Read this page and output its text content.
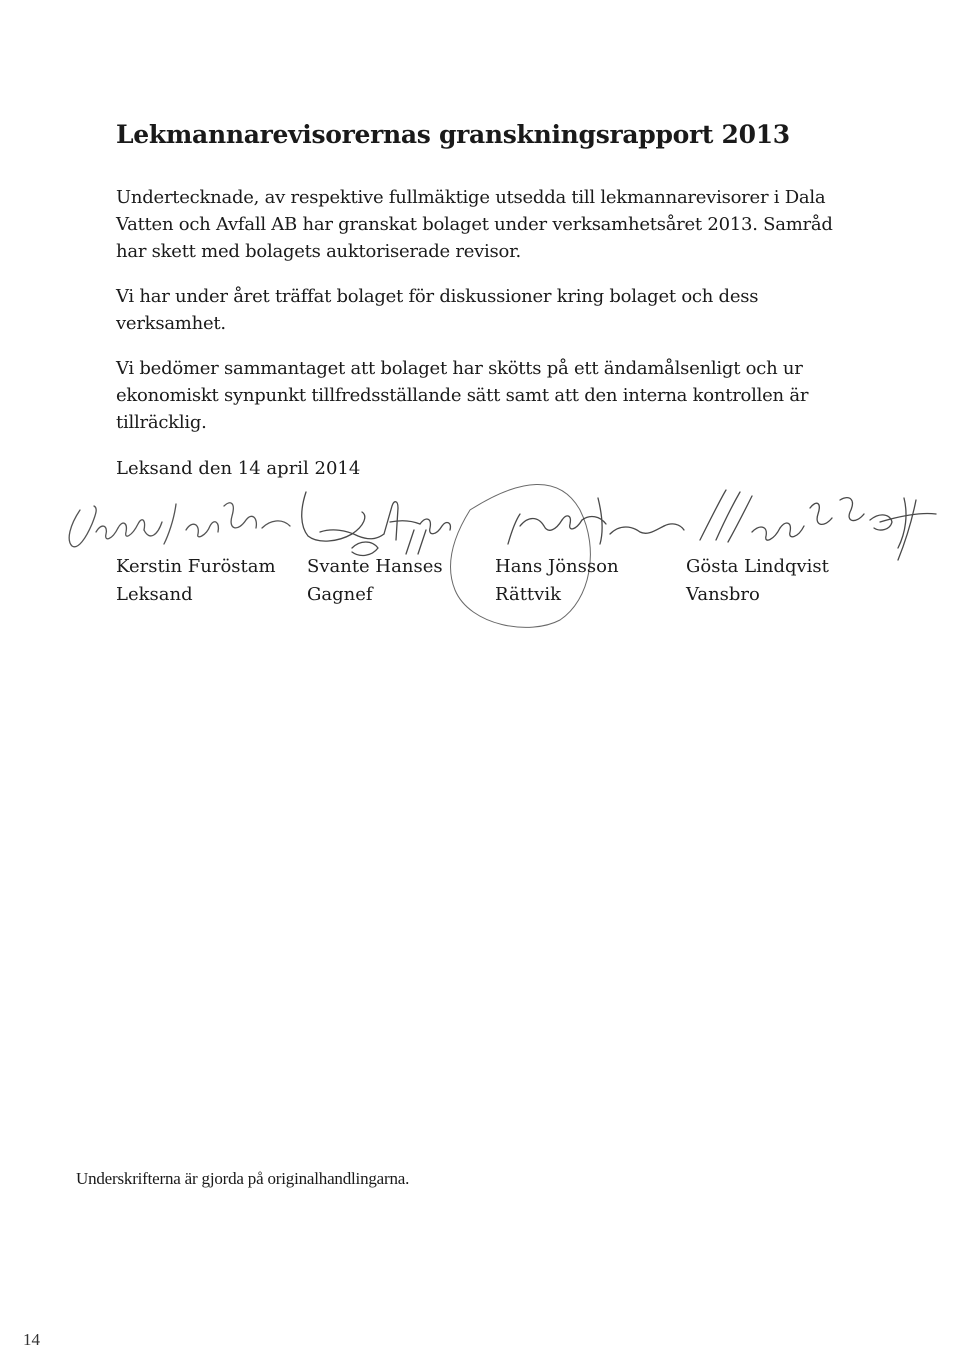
Lekmannarevisorernas granskningsrapport 2013

Undertecknade, av respektive fullmäktige utsedda till lekmannarevisorer i Dala Vatten och Avfall AB har granskat bolaget under verksamhetsåret 2013. Samråd har skett med bolagets auktoriserade revisor.

Vi har under året träffat bolaget för diskussioner kring bolaget och dess verksamhet.

Vi bedömer sammantaget att bolaget har skötts på ett ändamålsenligt och ur ekonomiskt synpunkt tillfredsställande sätt samt att den interna kontrollen är tillräcklig.

Leksand den 14 april 2014

Kerstin Furöstam
Leksand
Svante Hanses
Gagnef
Hans Jönsson
Rättvik
Gösta Lindqvist
Vansbro

Underskrifterna är gjorda på originalhandlingarna.

14
